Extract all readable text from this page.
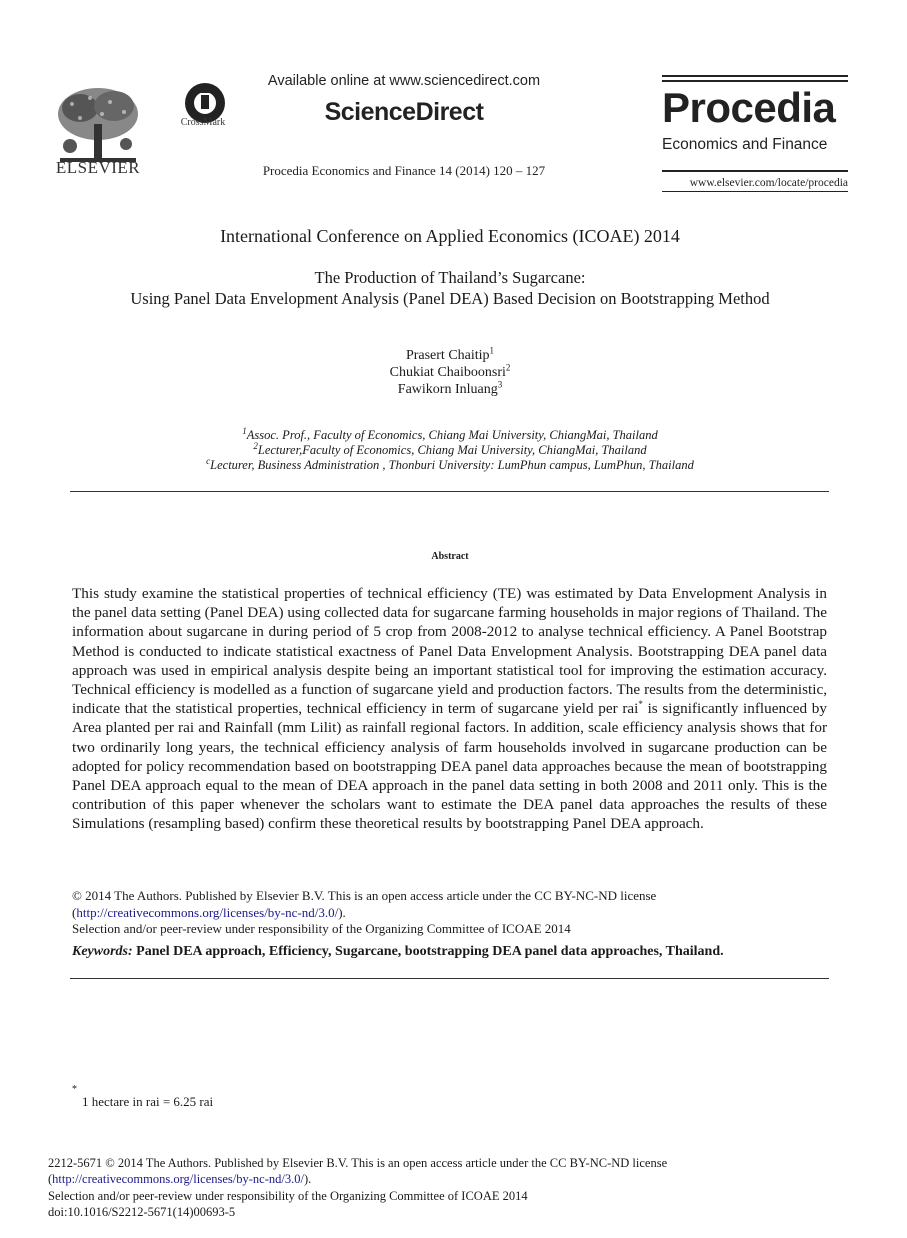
ELSEVIER
CrossMark
Available online at www.sciencedirect.com
ScienceDirect
Procedia Economics and Finance 14 (2014) 120 – 127
Procedia
Economics and Finance
www.elsevier.com/locate/procedia
International Conference on Applied Economics (ICOAE) 2014
The Production of Thailand’s Sugarcane:
Using Panel Data Envelopment Analysis (Panel DEA) Based Decision on Bootstrapping Method
Prasert Chaitip$^1$
Chukiat Chaiboonsri$^2$
Fawikorn Inluang$^3$
$^1$Assoc. Prof., Faculty of Economics, Chiang Mai University, ChiangMai, Thailand
$^2$Lecturer,Faculty of Economics, Chiang Mai University, ChiangMai, Thailand
$^c$Lecturer, Business Administration , Thonburi University: LumPhun campus, LumPhun, Thailand
Abstract
This study examine the statistical properties of technical efficiency (TE) was estimated by Data Envelopment Analysis in the panel data setting (Panel DEA) using collected data for sugarcane farming households in major regions of Thailand. The information about sugarcane in during period of 5 crop from 2008-2012 to analyse technical efficiency. A Panel Bootstrap Method is conducted to indicate statistical exactness of Panel Data Envelopment Analysis. Bootstrapping DEA panel data approach was used in empirical analysis despite being an important statistical tool for improving the estimation accuracy. Technical efficiency is modelled as a function of sugarcane yield and production factors. The results from the deterministic, indicate that the statistical properties, technical efficiency in term of sugarcane yield per rai* is significantly influenced by Area planted per rai and Rainfall (mm Lilit) as rainfall regional factors. In addition, scale efficiency analysis shows that for two ordinarily long years, the technical efficiency analysis of farm households involved in sugarcane production can be adopted for policy recommendation based on bootstrapping DEA panel data approaches because the mean of bootstrapping Panel DEA approach equal to the mean of DEA approach in the panel data setting in both 2008 and 2011 only. This is the contribution of this paper whenever the scholars want to estimate the DEA panel data approaches the results of these Simulations (resampling based) confirm these theoretical results by bootstrapping Panel DEA approach.
© 2014 The Authors. Published by Elsevier B.V. This is an open access article under the CC BY-NC-ND license
(http://creativecommons.org/licenses/by-nc-nd/3.0/).
Selection and/or peer-review under responsibility of the Organizing Committee of ICOAE 2014
Keywords: Panel DEA approach, Efficiency, Sugarcane, bootstrapping DEA panel data approaches, Thailand.
*
1 hectare in rai = 6.25 rai
2212-5671 © 2014 The Authors. Published by Elsevier B.V. This is an open access article under the CC BY-NC-ND license
(http://creativecommons.org/licenses/by-nc-nd/3.0/).
Selection and/or peer-review under responsibility of the Organizing Committee of ICOAE 2014
doi:10.1016/S2212-5671(14)00693-5
